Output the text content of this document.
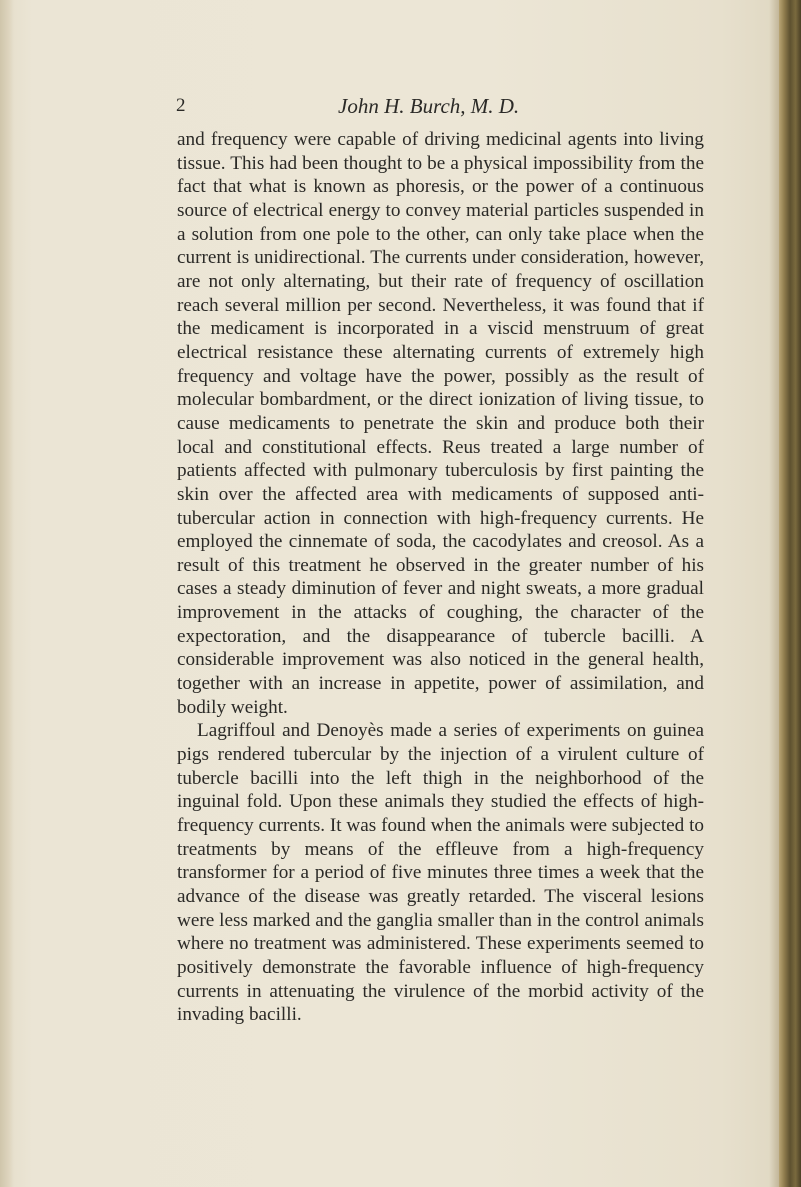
2	John H. Burch, M. D.

and frequency were capable of driving medicinal agents into living tissue. This had been thought to be a physical impossibility from the fact that what is known as phoresis, or the power of a continuous source of electrical energy to convey material particles suspended in a solution from one pole to the other, can only take place when the current is unidirectional. The currents under consideration, however, are not only alternating, but their rate of frequency of oscillation reach several million per second. Nevertheless, it was found that if the medicament is incorporated in a viscid menstruum of great electrical resistance these alternating currents of extremely high frequency and voltage have the power, possibly as the result of molecular bombardment, or the direct ionization of living tissue, to cause medicaments to penetrate the skin and produce both their local and constitutional effects. Reus treated a large number of patients affected with pulmonary tuberculosis by first painting the skin over the affected area with medicaments of supposed anti-tubercular action in connection with high-frequency currents. He employed the cinnemate of soda, the cacodylates and creosol. As a result of this treatment he observed in the greater number of his cases a steady diminution of fever and night sweats, a more gradual improvement in the attacks of coughing, the character of the expectoration, and the disappearance of tubercle bacilli. A considerable improvement was also noticed in the general health, together with an increase in appetite, power of assimilation, and bodily weight.

Lagriffoul and Denoyès made a series of experiments on guinea pigs rendered tubercular by the injection of a virulent culture of tubercle bacilli into the left thigh in the neighborhood of the inguinal fold. Upon these animals they studied the effects of high-frequency currents. It was found when the animals were subjected to treatments by means of the effleuve from a high-frequency transformer for a period of five minutes three times a week that the advance of the disease was greatly retarded. The visceral lesions were less marked and the ganglia smaller than in the control animals where no treatment was administered. These experiments seemed to positively demonstrate the favorable influence of high-frequency currents in attenuating the virulence of the morbid activity of the invading bacilli.
